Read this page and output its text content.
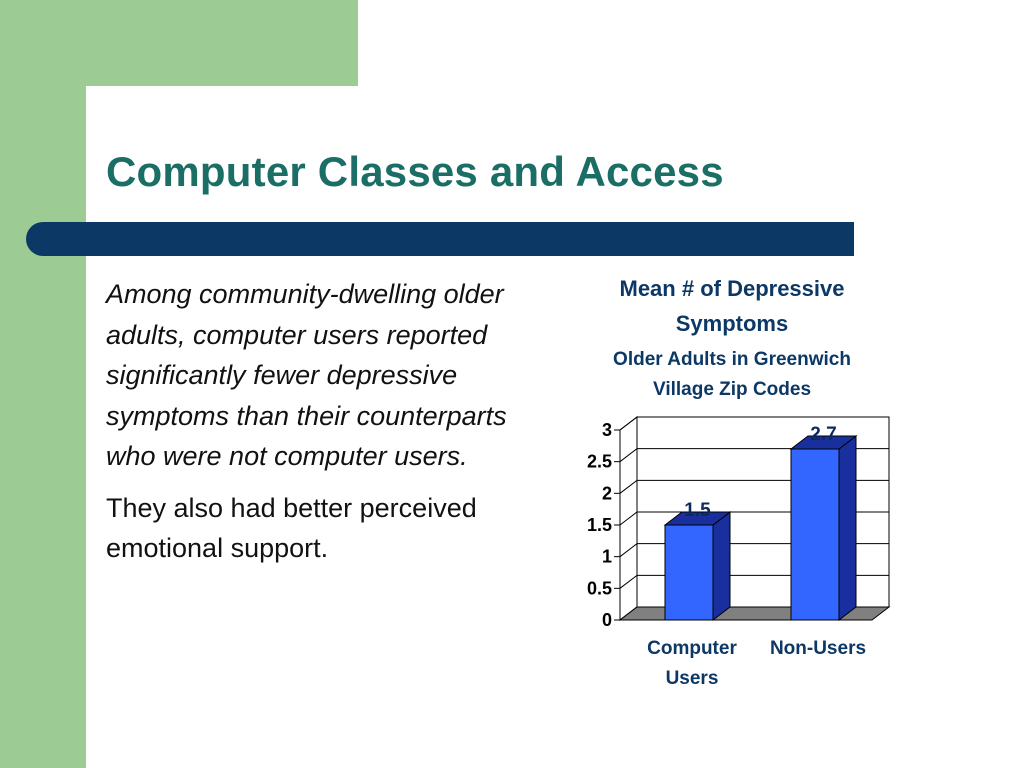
Computer Classes and Access

Among community-dwelling older adults, computer users reported significantly fewer depressive symptoms than their counterparts who were not computer users.

They also had better perceived emotional support.

Mean # of Depressive
Symptoms
Older Adults in Greenwich
Village Zip Codes
0
0.5
1
1.5
2
2.5
3
1.5
Computer
Users
2.7
Non-Users
